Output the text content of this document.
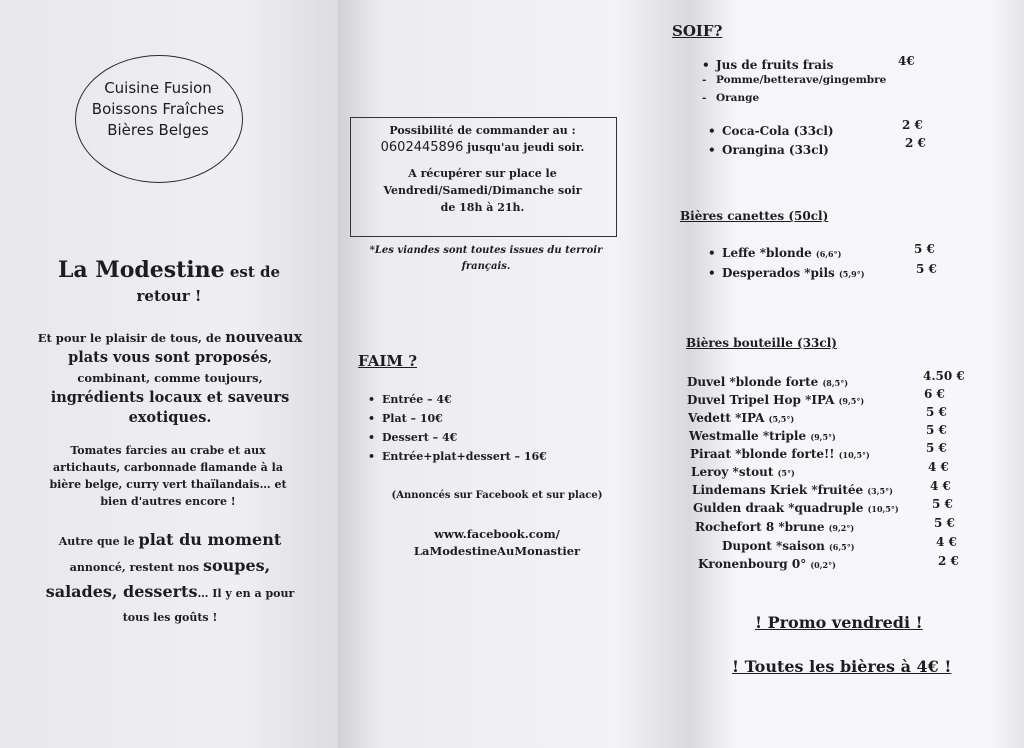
Cuisine Fusion
Boissons Fraîches
Bières Belges
La Modestine est de
retour !
Et pour le plaisir de tous, de nouveaux
plats vous sont proposés,
combinant, comme toujours,
ingrédients locaux et saveurs
exotiques.
Tomates farcies au crabe et aux
artichauts, carbonnade flamande à la
bière belge, curry vert thaïlandais… et
bien d'autres encore !
Autre que le plat du moment
annoncé, restent nos soupes,
salades, desserts… Il y en a pour
tous les goûts !
Possibilité de commander au :
0602445896 jusqu'au jeudi soir.
A récupérer sur place le
Vendredi/Samedi/Dimanche soir
de 18h à 21h.
*Les viandes sont toutes issues du terroir
français.
FAIM ?
• Entrée – 4€
• Plat – 10€
• Dessert – 4€
• Entrée+plat+dessert – 16€
(Annoncés sur Facebook et sur place)
www.facebook.com/
LaModestineAuMonastier
SOIF?
• Jus de fruits frais	4€
- Pomme/betterave/gingembre
- Orange
• Coca-Cola (33cl)	2 €
• Orangina (33cl)	2 €
Bières canettes (50cl)
• Leffe *blonde (6,6°)	5 €
• Desperados *pils (5,9°)	5 €
Bières bouteille (33cl)
Duvel *blonde forte (8,5°)	4.50 €
Duvel Tripel Hop *IPA (9,5°)	6 €
Vedett *IPA (5,5°)	5 €
Westmalle *triple (9,5°)	5 €
Piraat *blonde forte!! (10,5°)	5 €
Leroy *stout (5°)	4 €
Lindemans Kriek *fruitée (3,5°)	4 €
Gulden draak *quadruple (10,5°)	5 €
Rochefort 8 *brune (9,2°)	5 €
Dupont *saison (6,5°)	4 €
Kronenbourg 0° (0,2°)	2 €
! Promo vendredi !
! Toutes les bières à 4€ !
